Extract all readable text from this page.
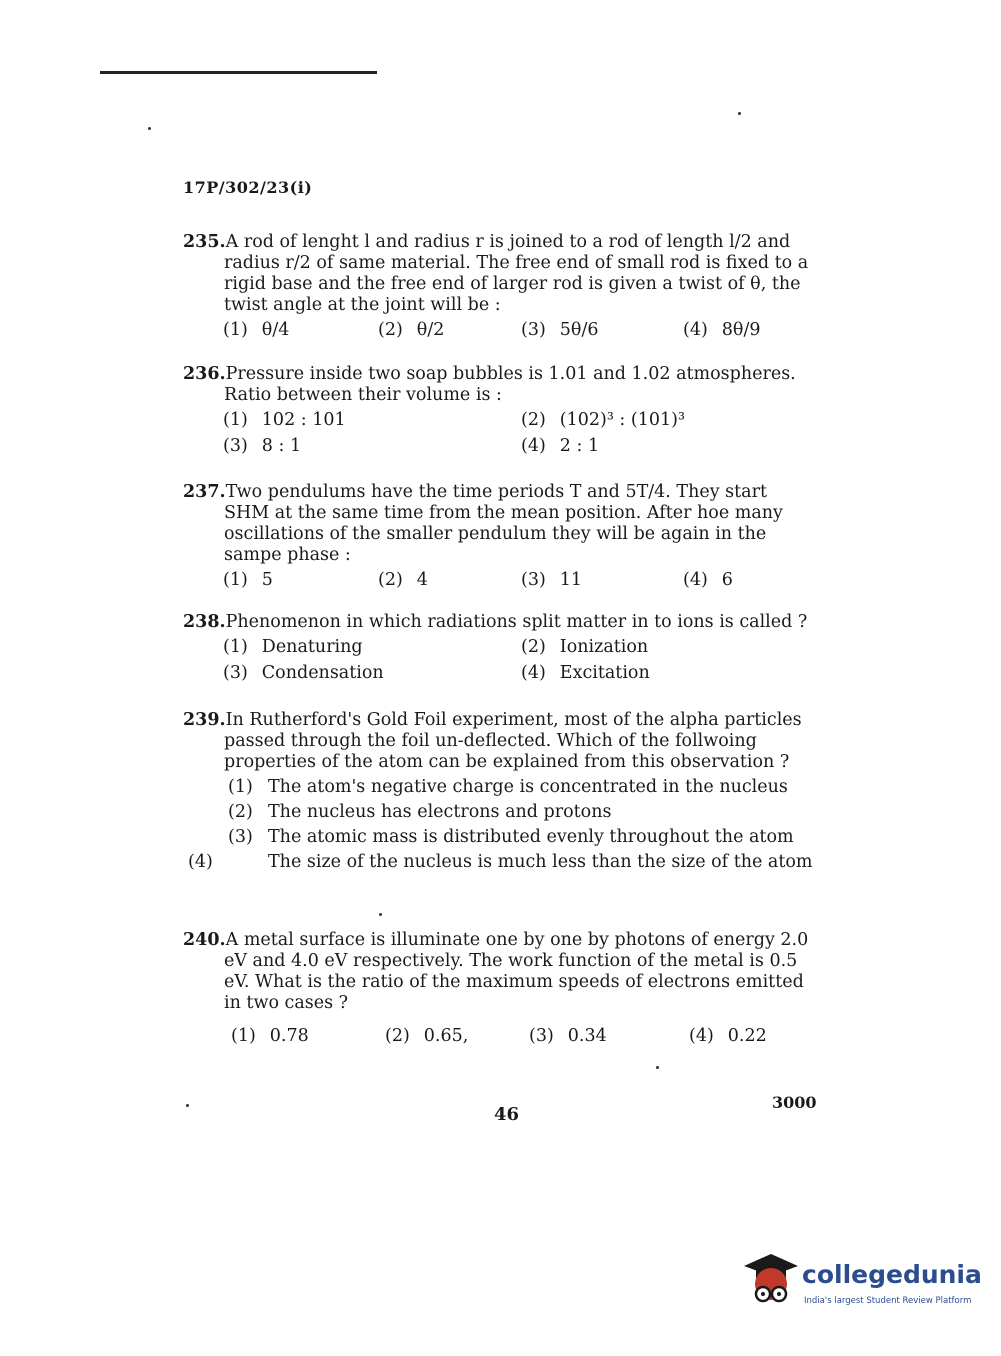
17P/302/23(i)
235.A rod of lenght l and radius r is joined to a rod of length l/2 and
radius r/2 of same material. The free end of small rod is fixed to a
rigid base and the free end of larger rod is given a twist of θ, the
twist angle at the joint will be :
(1) θ/4	(2) θ/2	(3) 5θ/6	(4) 8θ/9
236.Pressure inside two soap bubbles is 1.01 and 1.02 atmospheres.
Ratio between their volume is :
(1) 102 : 101	(2) (102)³ : (101)³
(3) 8 : 1	(4) 2 : 1
237.Two pendulums have the time periods T and 5T/4. They start
SHM at the same time from the mean position. After hoe many
oscillations of the smaller pendulum they will be again in the
sampe phase :
(1) 5	(2) 4	(3) 11	(4) 6
238.Phenomenon in which radiations split matter in to ions is called ?
(1) Denaturing	(2) Ionization
(3) Condensation	(4) Excitation
239.In Rutherford's Gold Foil experiment, most of the alpha particles
passed through the foil un-deflected. Which of the follwoing
properties of the atom can be explained from this observation ?
(1) The atom's negative charge is concentrated in the nucleus
(2) The nucleus has electrons and protons
(3) The atomic mass is distributed evenly throughout the atom
(4)	The size of the nucleus is much less than the size of the atom
240.A metal surface is illuminate one by one by photons of energy 2.0
eV and 4.0 eV respectively. The work function of the metal is 0.5
eV. What is the ratio of the maximum speeds of electrons emitted
in two cases ?
(1) 0.78	(2) 0.65,	(3) 0.34	(4) 0.22
3000
46
collegedunia
India's largest Student Review Platform
